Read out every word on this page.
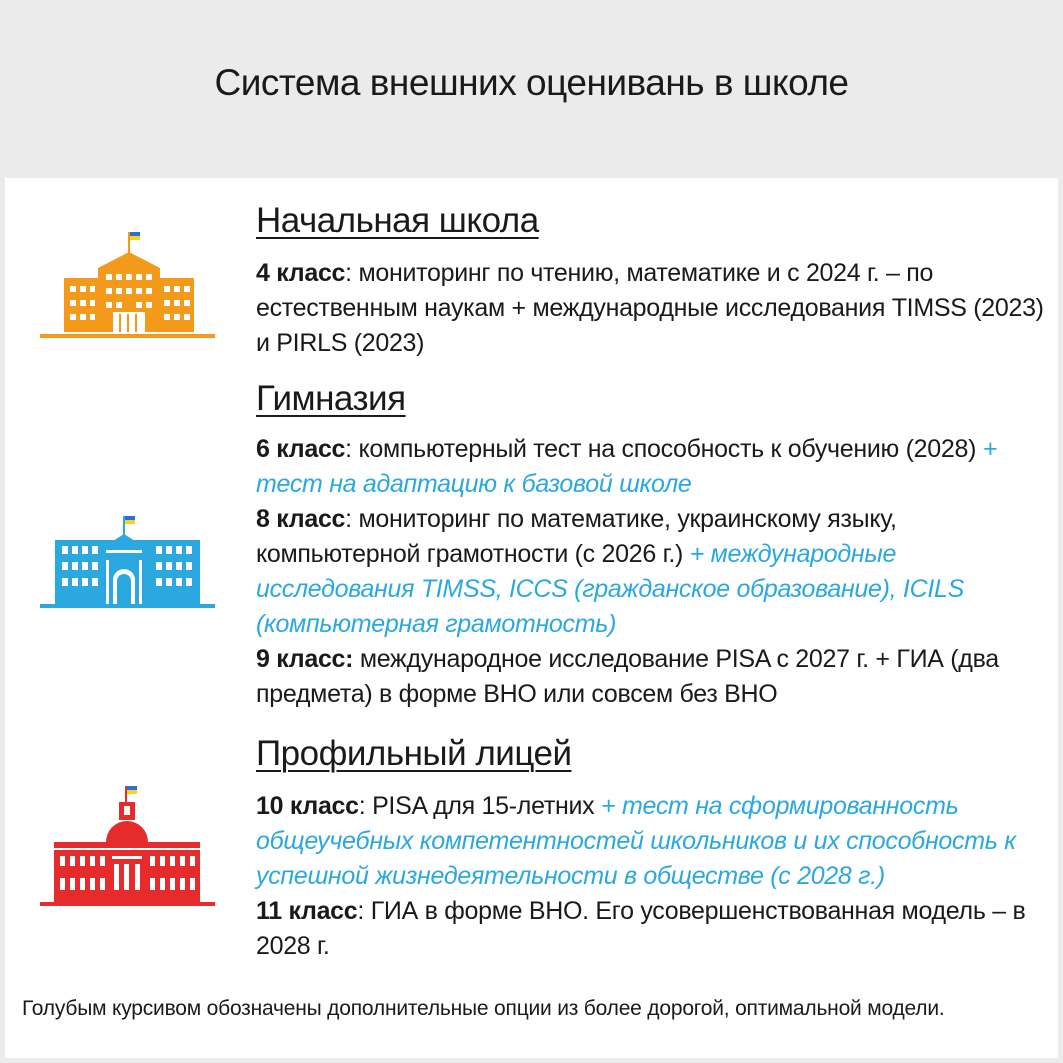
Система внешних оценивань в школе
Начальная школа

4 класс: мониторинг по чтению, математике и с 2024 г. – по естественным наукам + международные исследования TIMSS (2023) и PIRLS (2023)

Гимназия

6 класс: компьютерный тест на способность к обучению (2028) + тест на адаптацию к базовой школе

8 класс: мониторинг по математике, украинскому языку, компьютерной грамотности (с 2026 г.) + международные исследования TIMSS, ICCS (гражданское образование), ICILS (компьютерная грамотность)

9 класс: международное исследование PISA с 2027 г. + ГИА (два предмета) в форме ВНО или совсем без ВНО

Профильный лицей

10 класс: PISA для 15-летних + тест на сформированность общеучебных компетентностей школьников и их способность к успешной жизнедеятельности в обществе (с 2028 г.)

11 класс: ГИА в форме ВНО. Его усовершенствованная модель – в 2028 г.

Голубым курсивом обозначены дополнительные опции из более дорогой, оптимальной модели.
